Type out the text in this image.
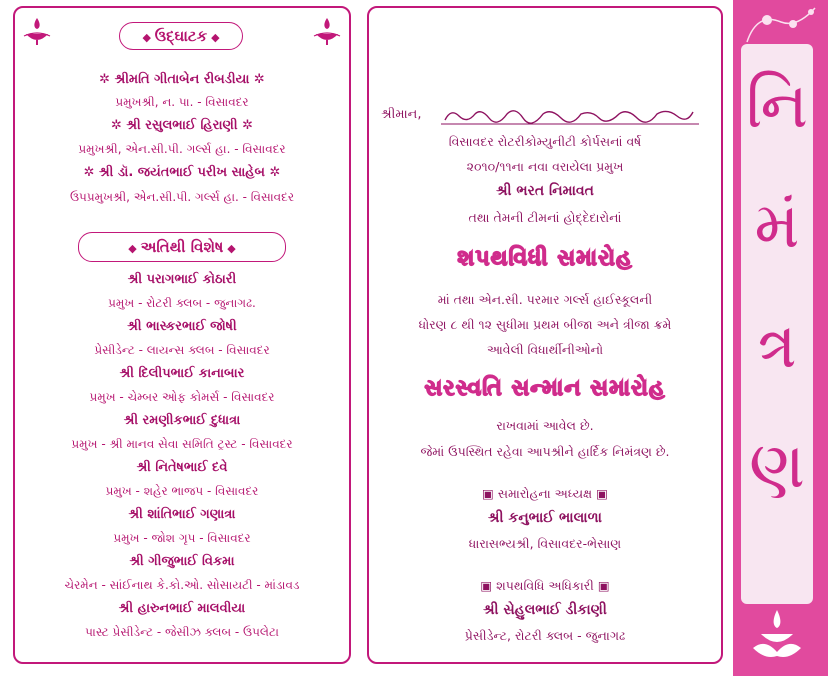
◆ ઉદ્‌ઘાટક ◆
✲ શ્રીમતિ ગીતાબેન રીબડીયા ✲
પ્રમુખશ્રી, ન. પા. - વિસાવદર
✲ શ્રી રસુલભાઈ હિરાણી ✲
પ્રમુખશ્રી, એન.સી.પી. ગર્લ્સ હા. - વિસાવદર
✲ શ્રી ડૉ. જયંતભાઈ પરીખ સાહેબ ✲
ઉપપ્રમુખશ્રી, એન.સી.પી. ગર્લ્સ હા. - વિસાવદર
◆ અતિથી વિશેષ ◆
શ્રી પરાગભાઈ કોઠારી
પ્રમુખ - રોટરી ક્લબ - જુનાગઢ.
શ્રી ભાસ્કરભાઈ જોષી
પ્રેસીડેન્ટ - લાયન્સ ક્લબ - વિસાવદર
શ્રી દિલીપભાઈ કાનાબાર
પ્રમુખ - ચેમ્બર ઓફ કોમર્સ - વિસાવદર
શ્રી રમણીકભાઈ દુધાત્રા
પ્રમુખ - શ્રી માનવ સેવા સમિતિ ટ્રસ્ટ - વિસાવદર
શ્રી નિતેષભાઈ દવે
પ્રમુખ - શહેર ભાજપ - વિસાવદર
શ્રી શાંતિભાઈ ગણાત્રા
પ્રમુખ - જોશ ગૃપ - વિસાવદર
શ્રી ગીજુભાઈ વિકમા
ચેરમેન - સાંઈનાથ કે.કો.ઓ. સોસાયટી - માંડાવડ
શ્રી હારુનભાઈ માલવીયા
પાસ્ટ પ્રેસીડેન્ટ - જેસીઝ ક્લબ - ઉપલેટા
શ્રીમાન,
વિસાવદર રોટરીકોમ્યુનીટી કોર્પસનાં વર્ષ
૨૦૧૦/૧૧ના નવા વરાયેલા પ્રમુખ
શ્રી ભરત નિમાવત
તથા તેમની ટીમનાં હોદ્દેદારોનાં
શપથવિધી સમારોહ
માં તથા એન.સી. પરમાર ગર્લ્સ હાઈસ્કૂલની
ધોરણ ૮ થી ૧૨ સુધીમા પ્રથમ બીજા અને ત્રીજા ક્રમે
આવેલી વિધાર્થીનીઓનો
સરસ્વતિ સન્માન સમારોહ
રાખવામાં આવેલ છે.
જેમાં ઉપસ્થિત રહેવા આપશ્રીને હાર્દિક નિમંત્રણ છે.
▣ સમારોહના અધ્યક્ષ ▣
શ્રી કનુભાઈ ભાલાળા
ધારાસભ્યશ્રી, વિસાવદર-ભેસાણ
▣ શપથવિધિ અધિકારી ▣
શ્રી સેહુલભાઈ ડીકાણી
પ્રેસીડેન્ટ, રોટરી ક્લબ - જુનાગઢ
નિ
મં
ત્ર
ણ
